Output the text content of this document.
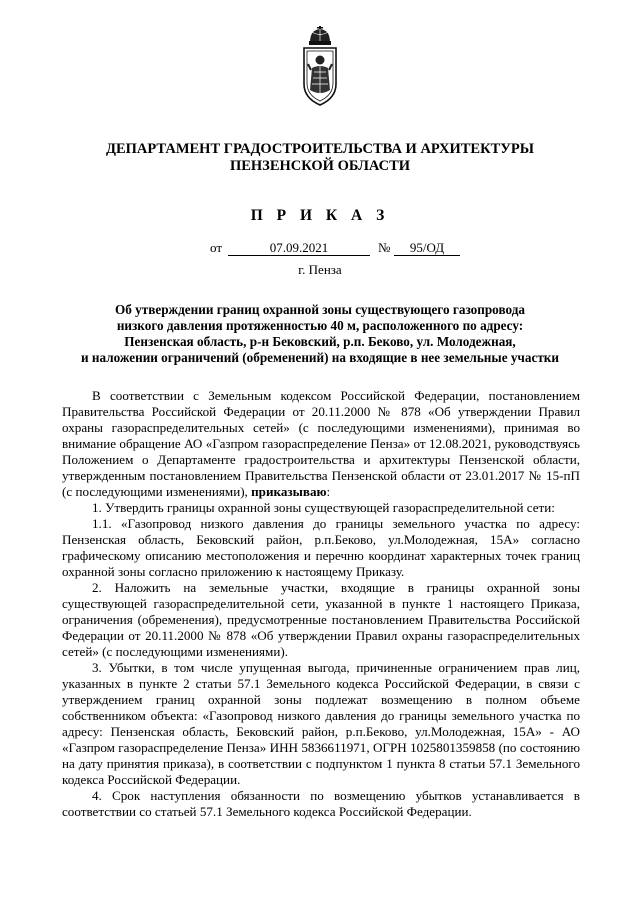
ДЕПАРТАМЕНТ ГРАДОСТРОИТЕЛЬСТВА И АРХИТЕКТУРЫ
ПЕНЗЕНСКОЙ ОБЛАСТИ
П Р И К А З
от	07.09.2021	№	95/ОД
г. Пенза
Об утверждении границ охранной зоны существующего газопровода
низкого давления протяженностью 40 м, расположенного по адресу:
Пензенская область, р-н Бековский, р.п. Беково, ул. Молодежная,
и наложении ограничений (обременений) на входящие в нее земельные участки

В соответствии с Земельным кодексом Российской Федерации, постановлением Правительства Российской Федерации от 20.11.2000 № 878 «Об утверждении Правил охраны газораспределительных сетей» (с последующими изменениями), принимая во внимание обращение АО «Газпром газораспределение Пенза» от 12.08.2021, руководствуясь Положением о Департаменте градостроительства и архитектуры Пензенской области, утвержденным постановлением Правительства Пензенской области от 23.01.2017 № 15-пП (с последующими изменениями), приказываю:

1. Утвердить границы охранной зоны существующей газораспределительной сети:

1.1. «Газопровод низкого давления до границы земельного участка по адресу: Пензенская область, Бековский район, р.п.Беково, ул.Молодежная, 15А» согласно графическому описанию местоположения и перечню координат характерных точек границ охранной зоны согласно приложению к настоящему Приказу.

2. Наложить на земельные участки, входящие в границы охранной зоны существующей газораспределительной сети, указанной в пункте 1 настоящего Приказа, ограничения (обременения), предусмотренные постановлением Правительства Российской Федерации от 20.11.2000 № 878 «Об утверждении Правил охраны газораспределительных сетей» (с последующими изменениями).

3. Убытки, в том числе упущенная выгода, причиненные ограничением прав лиц, указанных в пункте 2 статьи 57.1 Земельного кодекса Российской Федерации, в связи с утверждением границ охранной зоны подлежат возмещению в полном объеме собственником объекта: «Газопровод низкого давления до границы земельного участка по адресу: Пензенская область, Бековский район, р.п.Беково, ул.Молодежная, 15А» - АО «Газпром газораспределение Пенза» ИНН 5836611971, ОГРН 1025801359858 (по состоянию на дату принятия приказа), в соответствии с подпунктом 1 пункта 8 статьи 57.1 Земельного кодекса Российской Федерации.

4. Срок наступления обязанности по возмещению убытков устанавливается в соответствии со статьей 57.1 Земельного кодекса Российской Федерации.
